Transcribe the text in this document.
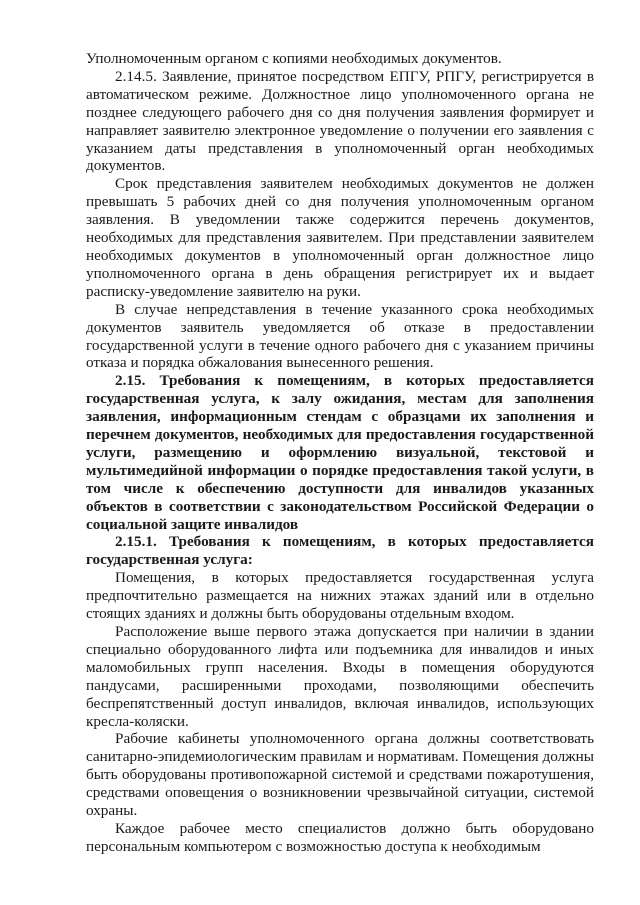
Уполномоченным органом с копиями необходимых документов.

2.14.5. Заявление, принятое посредством ЕПГУ, РПГУ, регистрируется в автоматическом режиме. Должностное лицо уполномоченного органа не позднее следующего рабочего дня со дня получения заявления формирует и направляет заявителю электронное уведомление о получении его заявления с указанием даты представления в уполномоченный орган необходимых документов.

Срок представления заявителем необходимых документов не должен превышать 5 рабочих дней со дня получения уполномоченным органом заявления. В уведомлении также содержится перечень документов, необходимых для представления заявителем. При представлении заявителем необходимых документов в уполномоченный орган должностное лицо уполномоченного органа в день обращения регистрирует их и выдает расписку-уведомление заявителю на руки.

В случае непредставления в течение указанного срока необходимых документов заявитель уведомляется об отказе в предоставлении государственной услуги в течение одного рабочего дня с указанием причины отказа и порядка обжалования вынесенного решения.

2.15. Требования к помещениям, в которых предоставляется государственная услуга, к залу ожидания, местам для заполнения заявления, информационным стендам с образцами их заполнения и перечнем документов, необходимых для предоставления государственной услуги, размещению и оформлению визуальной, текстовой и мультимедийной информации о порядке предоставления такой услуги, в том числе к обеспечению доступности для инвалидов указанных объектов в соответствии с законодательством Российской Федерации о социальной защите инвалидов

2.15.1. Требования к помещениям, в которых предоставляется государственная услуга:

Помещения, в которых предоставляется государственная услуга предпочтительно размещается на нижних этажах зданий или в отдельно стоящих зданиях и должны быть оборудованы отдельным входом.

Расположение выше первого этажа допускается при наличии в здании специально оборудованного лифта или подъемника для инвалидов и иных маломобильных групп населения. Входы в помещения оборудуются пандусами, расширенными проходами, позволяющими обеспечить беспрепятственный доступ инвалидов, включая инвалидов, использующих кресла-коляски.

Рабочие кабинеты уполномоченного органа должны соответствовать санитарно-эпидемиологическим правилам и нормативам. Помещения должны быть оборудованы противопожарной системой и средствами пожаротушения, средствами оповещения о возникновении чрезвычайной ситуации, системой охраны.

Каждое рабочее место специалистов должно быть оборудовано персональным компьютером с возможностью доступа к необходимым
